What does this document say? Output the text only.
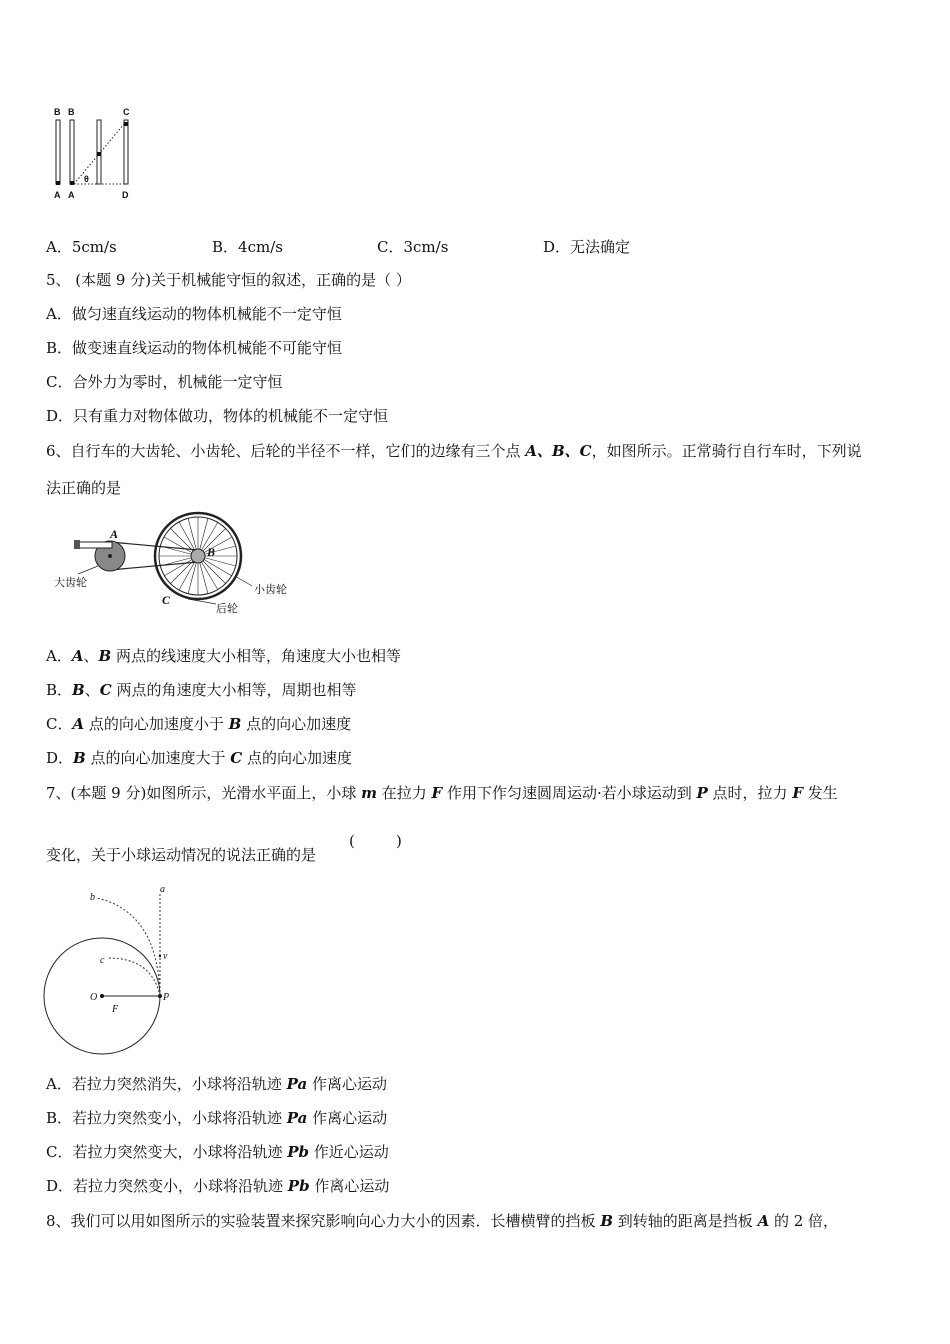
B B	C
A A	D
θ
A．5cm/s	B．4cm/s	C．3cm/s	D．无法确定
5、 (本题 9 分)关于机械能守恒的叙述，正确的是（ ）
A．做匀速直线运动的物体机械能不一定守恒
B．做变速直线运动的物体机械能不可能守恒
C．合外力为零时，机械能一定守恒
D．只有重力对物体做功，物体的机械能不一定守恒
6、自行车的大齿轮、小齿轮、后轮的半径不一样，它们的边缘有三个点 A、B、C，如图所示。正常骑行自行车时，下列说
法正确的是
A
B
C
大齿轮
小齿轮
后轮
A．A、B 两点的线速度大小相等，角速度大小也相等
B．B、C 两点的角速度大小相等，周期也相等
C．A 点的向心加速度小于 B 点的向心加速度
D．B 点的向心加速度大于 C 点的向心加速度
7、(本题 9 分)如图所示，光滑水平面上，小球 m 在拉力 F 作用下作匀速圆周运动·若小球运动到 P 点时，拉力 F 发生
变化，关于小球运动情况的说法正确的是
(	)
a
b
c	v
O
F
P
A．若拉力突然消失，小球将沿轨迹 Pa 作离心运动
B．若拉力突然变小，小球将沿轨迹 Pa 作离心运动
C．若拉力突然变大，小球将沿轨迹 Pb 作近心运动
D．若拉力突然变小，小球将沿轨迹 Pb 作离心运动
8、我们可以用如图所示的实验装置来探究影响向心力大小的因素．长槽横臂的挡板 B 到转轴的距离是挡板 A 的 2 倍，
